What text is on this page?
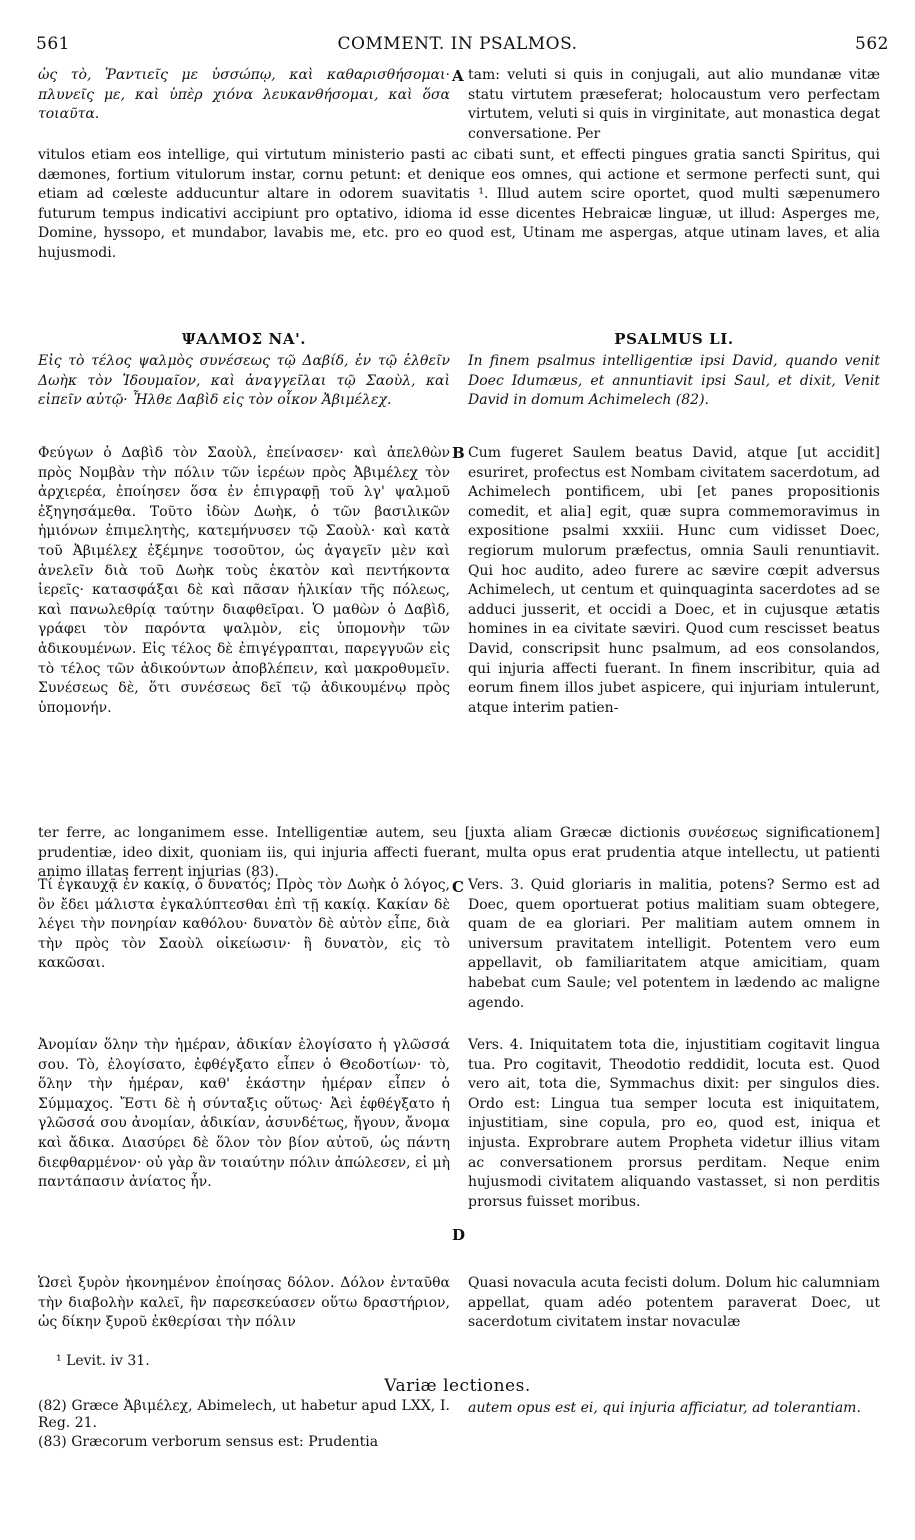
561	COMMENT. IN PSALMOS.	562
ὡς τὸ, Ῥαντιεῖς με ὑσσώπῳ, καὶ καθαρισθήσομαι· πλυνεῖς με, καὶ ὑπὲρ χιόνα λευκανθήσομαι, καὶ ὅσα τοιαῦτα.
A tam: veluti si quis in conjugali, aut alio mundanæ vitæ statu virtutem præseferat; holocaustum vero perfectam virtutem, veluti si quis in virginitate, aut monastica degat conversatione. Per
vitulos etiam eos intellige, qui virtutum ministerio pasti ac cibati sunt, et effecti pingues gratia sancti Spiritus, qui dæmones, fortium vitulorum instar, cornu petunt: et denique eos omnes, qui actione et sermone perfecti sunt, qui etiam ad cœleste adducuntur altare in odorem suavitatis ¹. Illud autem scire oportet, quod multi sæpenumero futurum tempus indicativi accipiunt pro optativo, idioma id esse dicentes Hebraicæ linguæ, ut illud: Asperges me, Domine, hyssopo, et mundabor, lavabis me, etc. pro eo quod est, Utinam me aspergas, atque utinam laves, et alia hujusmodi.
ΨΑΛΜΟΣ ΝΑ'.	PSALMUS LI.
Εἰς τὸ τέλος ψαλμὸς συνέσεως τῷ Δαβίδ, ἐν τῷ ἐλθεῖν Δωὴκ τὸν Ἰδουμαῖον, καὶ ἀναγγεῖλαι τῷ Σαοὺλ, καὶ εἰπεῖν αὐτῷ· Ἦλθε Δαβὶδ εἰς τὸν οἶκον Ἀβιμέλεχ.
In finem psalmus intelligentiæ ipsi David, quando venit Doec Idumæus, et annuntiavit ipsi Saul, et dixit, Venit David in domum Achimelech (82).
B
Φεύγων ὁ Δαβὶδ τὸν Σαοὺλ, ἐπείνασεν· καὶ ἀπελθὼν πρὸς Νομβὰν τὴν πόλιν τῶν ἱερέων πρὸς Ἀβιμέλεχ τὸν ἀρχιερέα, ἐποίησεν ὅσα ἐν ἐπιγραφῇ τοῦ λγ' ψαλμοῦ ἐξηγησάμεθα. Τοῦτο ἰδὼν Δωὴκ, ὁ τῶν βασιλικῶν ἡμιόνων ἐπιμελητὴς, κατεμήνυσεν τῷ Σαοὺλ· καὶ κατὰ τοῦ Ἀβιμέλεχ ἐξέμηνε τοσοῦτον, ὡς ἀγαγεῖν μὲν καὶ ἀνελεῖν διὰ τοῦ Δωὴκ τοὺς ἑκατὸν καὶ πεντήκοντα ἱερεῖς· κατασφάξαι δὲ καὶ πᾶσαν ἡλικίαν τῆς πόλεως, καὶ πανωλεθρίᾳ ταύτην διαφθεῖραι. Ὁ μαθὼν ὁ Δαβὶδ, γράφει τὸν παρόντα ψαλμὸν, εἰς ὑπομονὴν τῶν ἀδικουμένων. Εἰς τέλος δὲ ἐπιγέγραπται, παρεγγυῶν εἰς τὸ τέλος τῶν ἀδικούντων ἀποβλέπειν, καὶ μακροθυμεῖν. Συνέσεως δὲ, ὅτι συνέσεως δεῖ τῷ ἀδικουμένῳ πρὸς ὑπομονήν.
Cum fugeret Saulem beatus David, atque [ut accidit] esuriret, profectus est Nombam civitatem sacerdotum, ad Achimelech pontificem, ubi [et panes propositionis comedit, et alia] egit, quæ supra commemoravimus in expositione psalmi xxxiii. Hunc cum vidisset Doec, regiorum mulorum præfectus, omnia Sauli renuntiavit. Qui hoc audito, adeo furere ac sævire cœpit adversus Achimelech, ut centum et quinquaginta sacerdotes ad se adduci jusserit, et occidi a Doec, et in cujusque ætatis homines in ea civitate sæviri. Quod cum rescisset beatus David, conscripsit hunc psalmum, ad eos consolandos, qui injuria affecti fuerant. In finem inscribitur, quia ad eorum finem illos jubet aspicere, qui injuriam intulerunt, atque interim patien-
ter ferre, ac longanimem esse. Intelligentiæ autem, seu [juxta aliam Græcæ dictionis συνέσεως significationem] prudentiæ, ideo dixit, quoniam iis, qui injuria affecti fuerant, multa opus erat prudentia atque intellectu, ut patienti animo illatas ferrent injurias (83).
C
Τί ἐγκαυχᾷ ἐν κακίᾳ, ὁ δυνατός; Πρὸς τὸν Δωὴκ ὁ λόγος, ὃν ἔδει μάλιστα ἐγκαλύπτεσθαι ἐπὶ τῇ κακίᾳ. Κακίαν δὲ λέγει τὴν πονηρίαν καθόλου· δυνατὸν δὲ αὐτὸν εἶπε, διὰ τὴν πρὸς τὸν Σαοὺλ οἰκείωσιν· ἢ δυνατὸν, εἰς τὸ κακῶσαι.
Vers. 3. Quid gloriaris in malitia, potens? Sermo est ad Doec, quem oportuerat potius malitiam suam obtegere, quam de ea gloriari. Per malitiam autem omnem in universum pravitatem intelligit. Potentem vero eum appellavit, ob familiaritatem atque amicitiam, quam habebat cum Saule; vel potentem in lædendo ac maligne agendo.
Ἀνομίαν ὅλην τὴν ἡμέραν, ἀδικίαν ἐλογίσατο ἡ γλῶσσά σου. Τὸ, ἐλογίσατο, ἐφθέγξατο εἶπεν ὁ Θεοδοτίων· τὸ, ὅλην τὴν ἡμέραν, καθ' ἑκάστην ἡμέραν εἶπεν ὁ Σύμμαχος. Ἔστι δὲ ἡ σύνταξις οὕτως· Ἀεὶ ἐφθέγξατο ἡ γλῶσσά σου ἀνομίαν, ἀδικίαν, ἀσυνδέτως, ἤγουν, ἄνομα καὶ ἄδικα. Διασύρει δὲ ὅλον τὸν βίον αὐτοῦ, ὡς πάντη διεφθαρμένον· οὐ γὰρ ἂν τοιαύτην πόλιν ἀπώλεσεν, εἰ μὴ παντάπασιν ἀνίατος ἦν.
D
Vers. 4. Iniquitatem tota die, injustitiam cogitavit lingua tua. Pro cogitavit, Theodotio reddidit, locuta est. Quod vero ait, tota die, Symmachus dixit: per singulos dies. Ordo est: Lingua tua semper locuta est iniquitatem, injustitiam, sine copula, pro eo, quod est, iniqua et injusta. Exprobrare autem Propheta videtur illius vitam ac conversationem prorsus perditam. Neque enim hujusmodi civitatem aliquando vastasset, si non perditis prorsus fuisset moribus.
Ὡσεὶ ξυρὸν ἠκονημένον ἐποίησας δόλον. Δόλον ἐνταῦθα τὴν διαβολὴν καλεῖ, ἣν παρεσκεύασεν οὕτω δραστήριον, ὡς δίκην ξυροῦ ἐκθερίσαι τὴν πόλιν
Quasi novacula acuta fecisti dolum. Dolum hic calumniam appellat, quam adéo potentem paraverat Doec, ut sacerdotum civitatem instar novaculæ
¹ Levit. iv 31.
Variæ lectiones.
(82) Græce Ἀβιμέλεχ, Abimelech, ut habetur apud LXX, I. Reg. 21.
(83) Græcorum verborum sensus est: Prudentia
autem opus est ei, qui injuria afficiatur, ad tolerantiam.
